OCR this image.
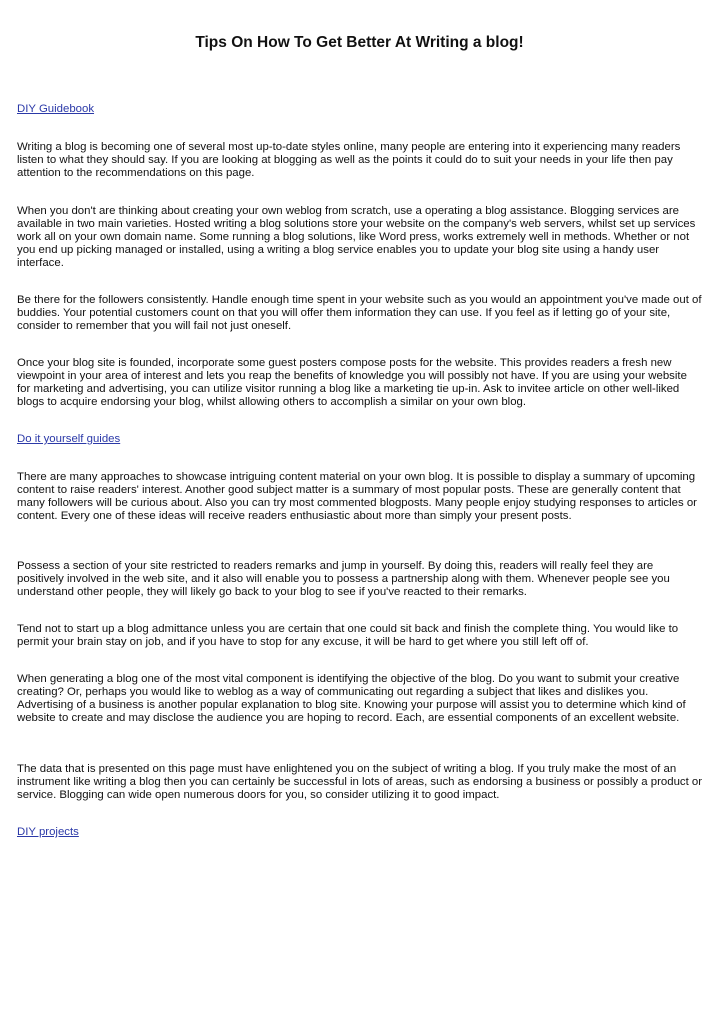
Tips On How To Get Better At Writing a blog!
DIY Guidebook

Writing a blog is becoming one of several most up-to-date styles online, many people are entering into it experiencing many readers listen to what they should say. If you are looking at blogging as well as the points it could do to suit your needs in your life then pay attention to the recommendations on this page.

When you don't are thinking about creating your own weblog from scratch, use a operating a blog assistance. Blogging services are available in two main varieties. Hosted writing a blog solutions store your website on the company's web servers, whilst set up services work all on your own domain name. Some running a blog solutions, like Word press, works extremely well in methods. Whether or not you end up picking managed or installed, using a writing a blog service enables you to update your blog site using a handy user interface.

Be there for the followers consistently. Handle enough time spent in your website such as you would an appointment you've made out of buddies. Your potential customers count on that you will offer them information they can use. If you feel as if letting go of your site, consider to remember that you will fail not just oneself.

Once your blog site is founded, incorporate some guest posters compose posts for the website. This provides readers a fresh new viewpoint in your area of interest and lets you reap the benefits of knowledge you will possibly not have. If you are using your website for marketing and advertising, you can utilize visitor running a blog like a marketing tie up-in. Ask to invitee article on other well-liked blogs to acquire endorsing your blog, whilst allowing others to accomplish a similar on your own blog.

Do it yourself guides

There are many approaches to showcase intriguing content material on your own blog. It is possible to display a summary of upcoming content to raise readers' interest. Another good subject matter is a summary of most popular posts. These are generally content that many followers will be curious about. Also you can try most commented blogposts. Many people enjoy studying responses to articles or content. Every one of these ideas will receive readers enthusiastic about more than simply your present posts.

Possess a section of your site restricted to readers remarks and jump in yourself. By doing this, readers will really feel they are positively involved in the web site, and it also will enable you to possess a partnership along with them. Whenever people see you understand other people, they will likely go back to your blog to see if you've reacted to their remarks.

Tend not to start up a blog admittance unless you are certain that one could sit back and finish the complete thing. You would like to permit your brain stay on job, and if you have to stop for any excuse, it will be hard to get where you still left off of.

When generating a blog one of the most vital component is identifying the objective of the blog. Do you want to submit your creative creating? Or, perhaps you would like to weblog as a way of communicating out regarding a subject that likes and dislikes you. Advertising of a business is another popular explanation to blog site. Knowing your purpose will assist you to determine which kind of website to create and may disclose the audience you are hoping to record. Each, are essential components of an excellent website.

The data that is presented on this page must have enlightened you on the subject of writing a blog. If you truly make the most of an instrument like writing a blog then you can certainly be successful in lots of areas, such as endorsing a business or possibly a product or service. Blogging can wide open numerous doors for you, so consider utilizing it to good impact.

DIY projects
